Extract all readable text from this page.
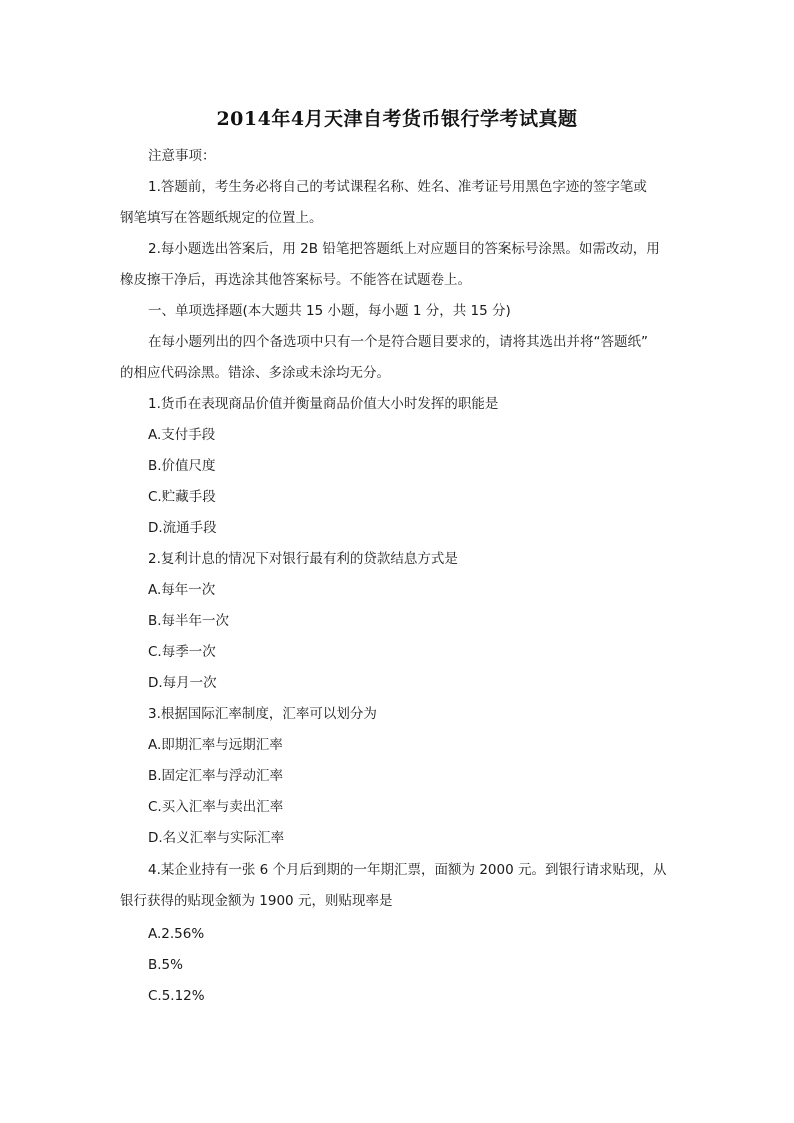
2014年4月天津自考货币银行学考试真题

注意事项：

1.答题前，考生务必将自己的考试课程名称、姓名、准考证号用黑色字迹的签字笔或

钢笔填写在答题纸规定的位置上。

2.每小题选出答案后，用 2B 铅笔把答题纸上对应题目的答案标号涂黑。如需改动，用

橡皮擦干净后，再选涂其他答案标号。不能答在试题卷上。

一、单项选择题(本大题共 15 小题，每小题 1 分，共 15 分)

在每小题列出的四个备选项中只有一个是符合题目要求的，请将其选出并将“答题纸”

的相应代码涂黑。错涂、多涂或未涂均无分。

1.货币在表现商品价值并衡量商品价值大小时发挥的职能是

A.支付手段

B.价值尺度

C.贮藏手段

D.流通手段

2.复利计息的情况下对银行最有利的贷款结息方式是

A.每年一次

B.每半年一次

C.每季一次

D.每月一次

3.根据国际汇率制度，汇率可以划分为

A.即期汇率与远期汇率

B.固定汇率与浮动汇率

C.买入汇率与卖出汇率

D.名义汇率与实际汇率

4.某企业持有一张 6 个月后到期的一年期汇票，面额为 2000 元。到银行请求贴现，从

银行获得的贴现金额为 1900 元，则贴现率是

A.2.56%

B.5%

C.5.12%
